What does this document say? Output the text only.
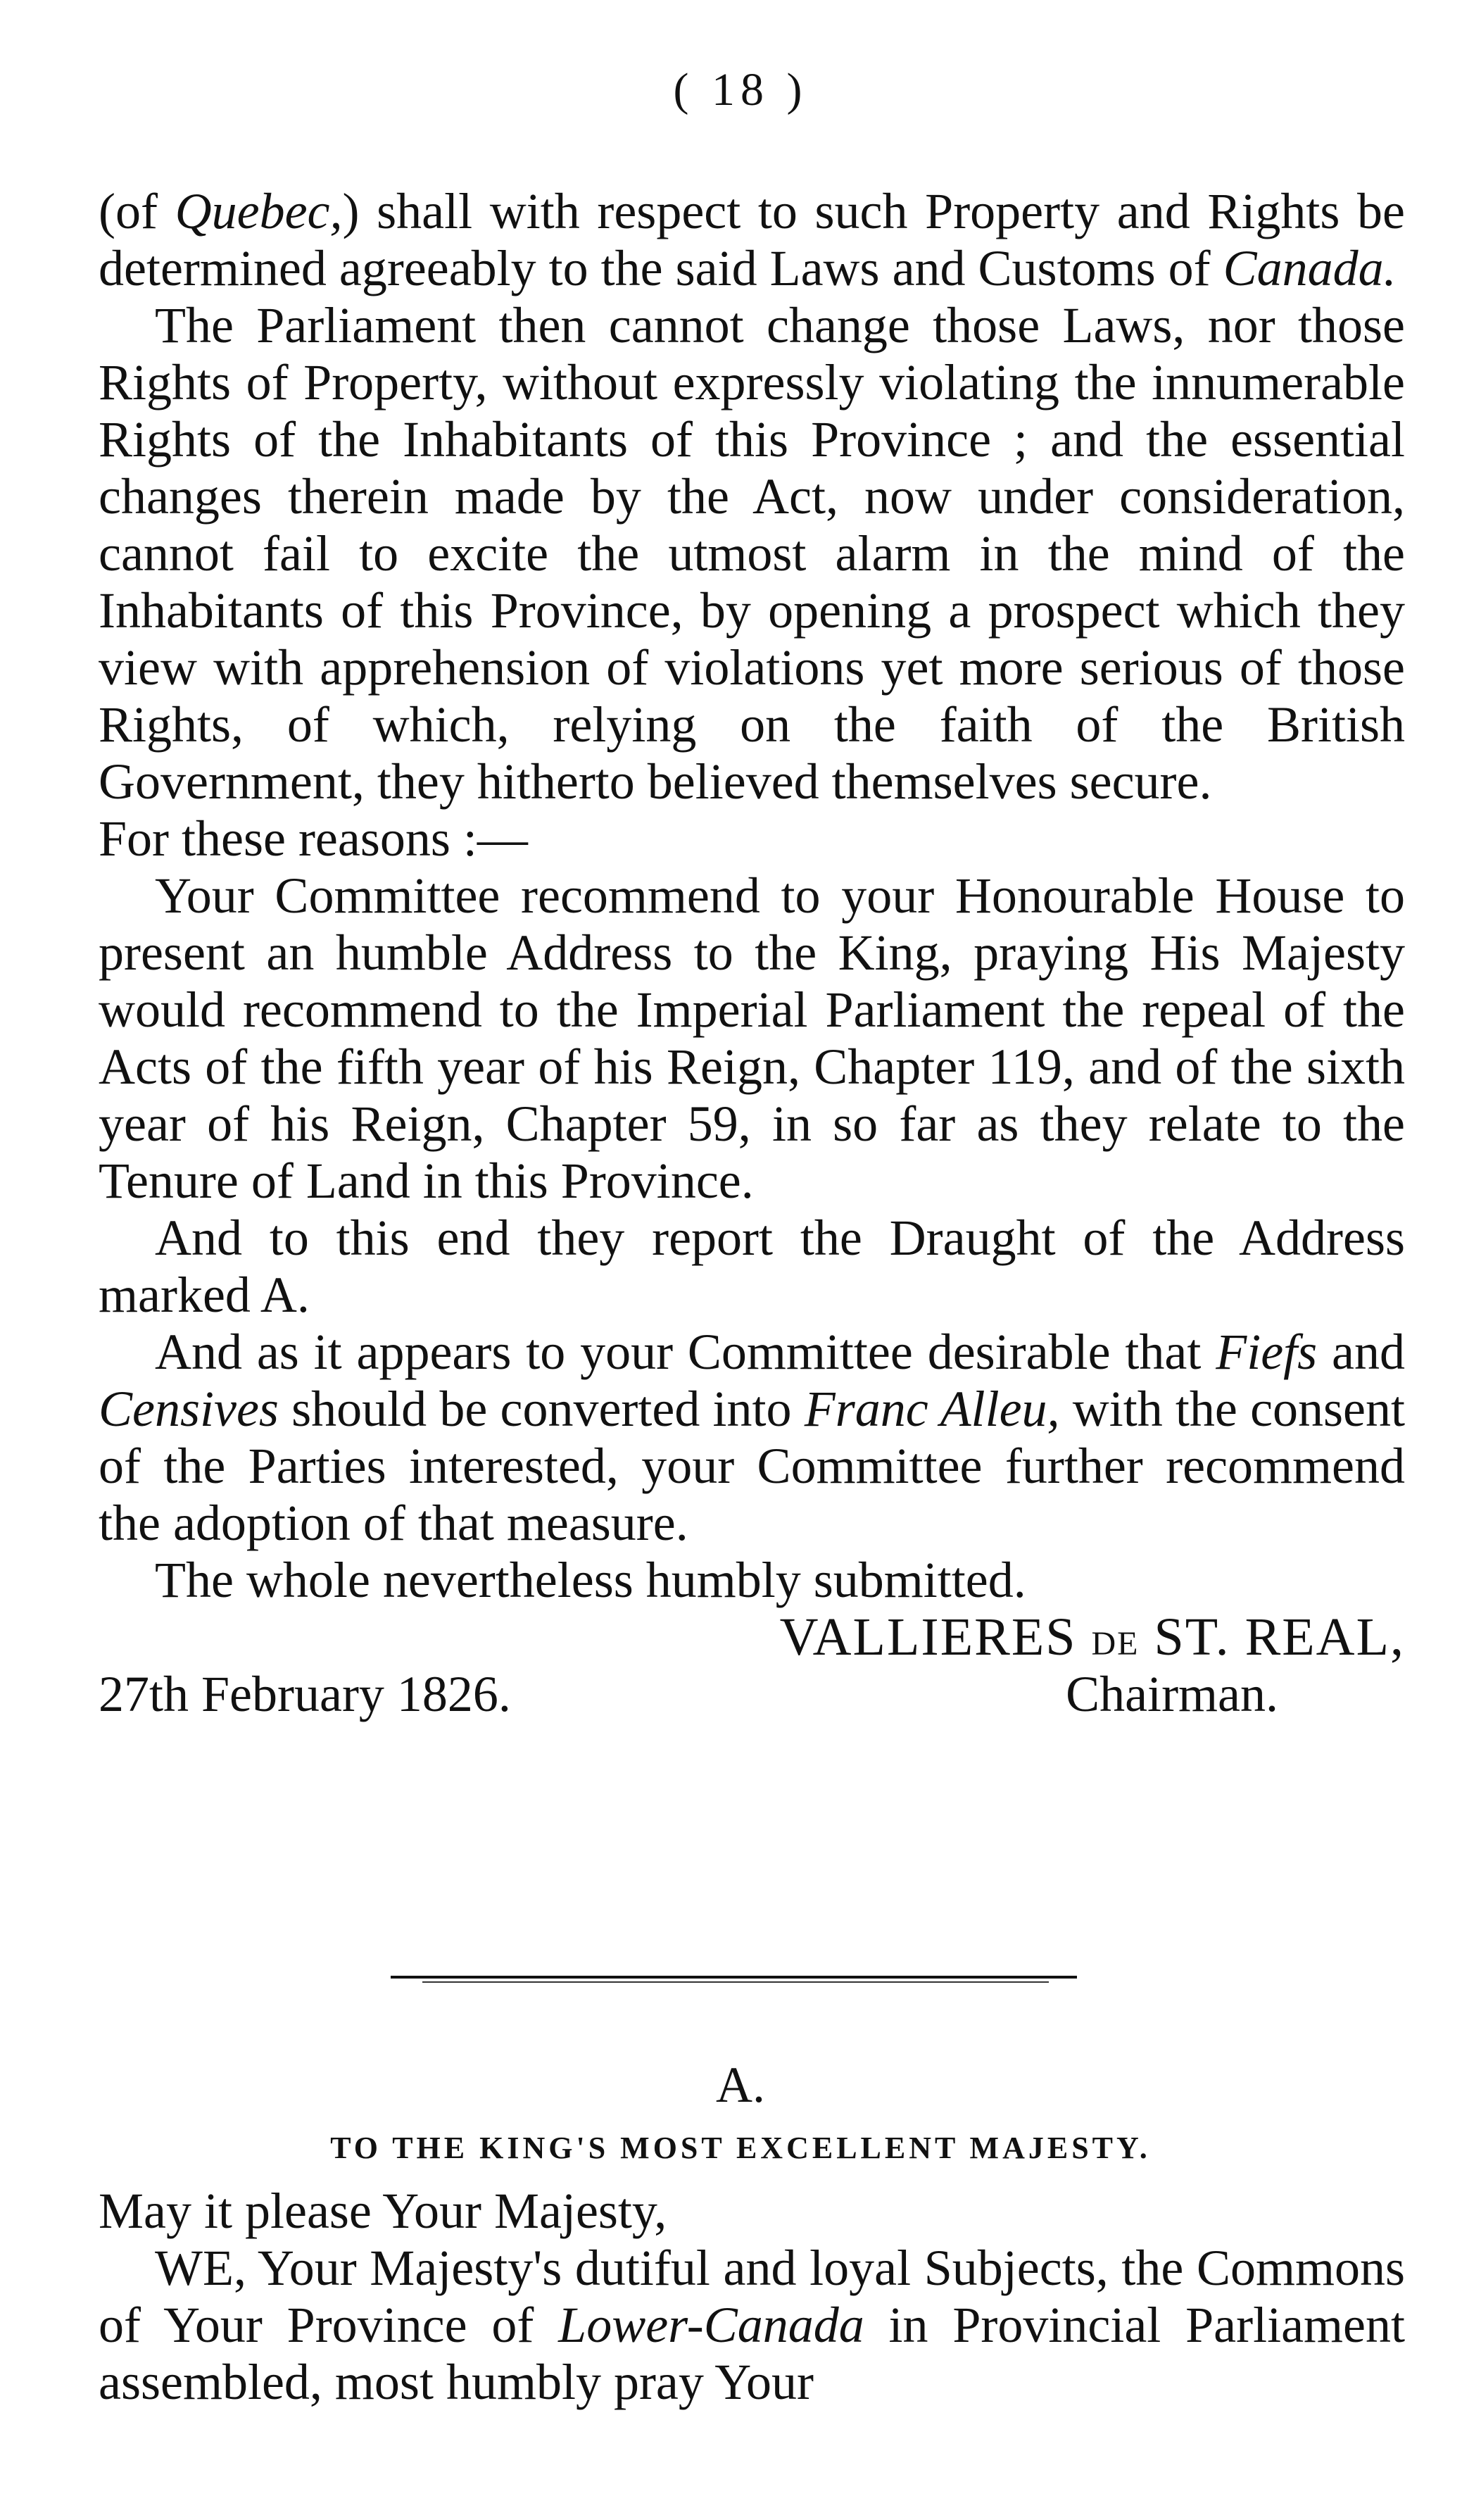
( 18 )

(of Quebec,) shall with respect to such Property and Rights be determined agreeably to the said Laws and Customs of Canada.

The Parliament then cannot change those Laws, nor those Rights of Property, without expressly violating the innumerable Rights of the Inhabitants of this Province ; and the essential changes therein made by the Act, now under consideration, cannot fail to excite the utmost alarm in the mind of the Inhabitants of this Province, by opening a prospect which they view with apprehension of violations yet more serious of those Rights, of which, relying on the faith of the British Government, they hitherto believed themselves secure.

For these reasons :—

Your Committee recommend to your Honourable House to present an humble Address to the King, praying His Majesty would recommend to the Imperial Parliament the repeal of the Acts of the fifth year of his Reign, Chapter 119, and of the sixth year of his Reign, Chapter 59, in so far as they relate to the Tenure of Land in this Province.

And to this end they report the Draught of the Address marked A.

And as it appears to your Committee desirable that Fiefs and Censives should be converted into Franc Alleu, with the consent of the Parties interested, your Committee further recommend the adoption of that measure.

The whole nevertheless humbly submitted.

VALLIERES DE ST. REAL,
27th February 1826.	Chairman.
A.
TO THE KING'S MOST EXCELLENT MAJESTY.

May it please Your Majesty,

WE, Your Majesty's dutiful and loyal Subjects, the Commons of Your Province of Lower-Canada in Provincial Parliament assembled, most humbly pray Your
